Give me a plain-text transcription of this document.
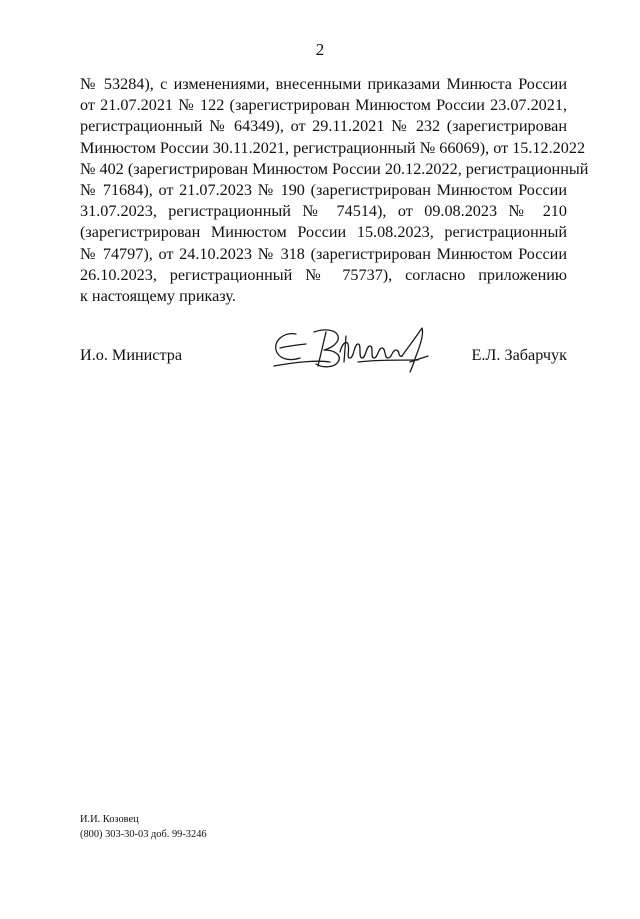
2
№ 53284), с изменениями, внесенными приказами Минюста России
от 21.07.2021 № 122 (зарегистрирован Минюстом России 23.07.2021,
регистрационный № 64349), от 29.11.2021 № 232 (зарегистрирован
Минюстом России 30.11.2021, регистрационный № 66069), от 15.12.2022
№ 402 (зарегистрирован Минюстом России 20.12.2022, регистрационный
№ 71684), от 21.07.2023 № 190 (зарегистрирован Минюстом России
31.07.2023, регистрационный № 74514), от 09.08.2023 № 210
(зарегистрирован Минюстом России 15.08.2023, регистрационный
№ 74797), от 24.10.2023 № 318 (зарегистрирован Минюстом России
26.10.2023, регистрационный № 75737), согласно приложению
к настоящему приказу.
И.о. Министра	Е.Л. Забарчук
И.И. Козовец
(800) 303-30-03 доб. 99-3246
